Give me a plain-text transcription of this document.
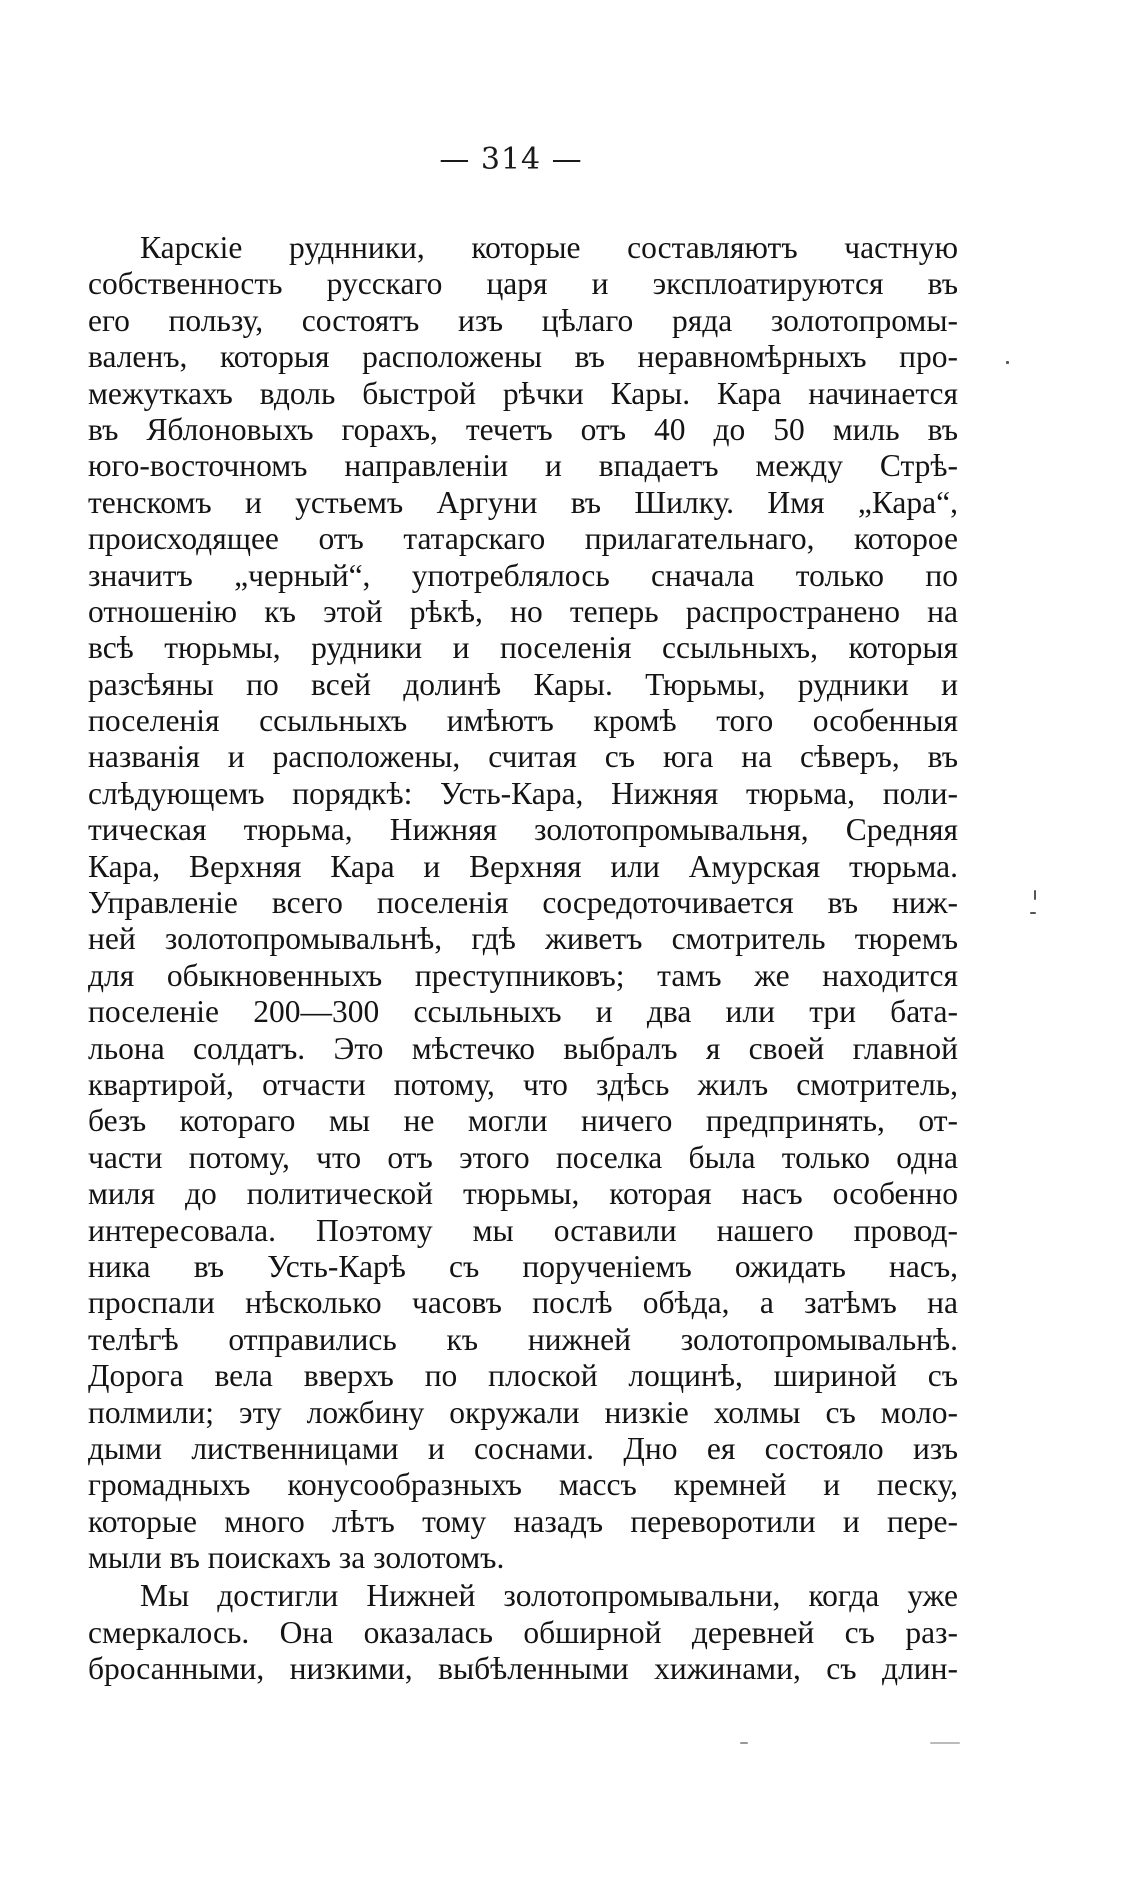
— 314 —
Карскіе руднники, которые составляютъ частную
собственность русскаго царя и эксплоатируются въ
его пользу, состоятъ изъ цѣлаго ряда золотопромы-
валенъ, которыя расположены въ неравномѣрныхъ про-
межуткахъ вдоль быстрой рѣчки Кары. Кара начинается
въ Яблоновыхъ горахъ, течетъ отъ 40 до 50 миль въ
юго-восточномъ направленіи и впадаетъ между Стрѣ-
тенскомъ и устьемъ Аргуни въ Шилку. Имя „Кара“,
происходящее отъ татарскаго прилагательнаго, которое
значитъ „черный“, употреблялось сначала только по
отношенію къ этой рѣкѣ, но теперь распространено на
всѣ тюрьмы, рудники и поселенія ссыльныхъ, которыя
разсѣяны по всей долинѣ Кары. Тюрьмы, рудники и
поселенія ссыльныхъ имѣютъ кромѣ того особенныя
названія и расположены, считая съ юга на сѣверъ, въ
слѣдующемъ порядкѣ: Усть-Кара, Нижняя тюрьма, поли-
тическая тюрьма, Нижняя золотопромывальня, Средняя
Кара, Верхняя Кара и Верхняя или Амурская тюрьма.
Управленіе всего поселенія сосредоточивается въ ниж-
ней золотопромывальнѣ, гдѣ живетъ смотритель тюремъ
для обыкновенныхъ преступниковъ; тамъ же находится
поселеніе 200—300 ссыльныхъ и два или три бата-
льона солдатъ. Это мѣстечко выбралъ я своей главной
квартирой, отчасти потому, что здѣсь жилъ смотритель,
безъ котораго мы не могли ничего предпринять, от-
части потому, что отъ этого поселка была только одна
миля до политической тюрьмы, которая насъ особенно
интересовала. Поэтому мы оставили нашего провод-
ника въ Усть-Карѣ съ порученіемъ ожидать насъ,
проспали нѣсколько часовъ послѣ обѣда, а затѣмъ на
телѣгѣ отправились къ нижней золотопромывальнѣ.
Дорога вела вверхъ по плоской лощинѣ, шириной съ
полмили; эту ложбину окружали низкіе холмы съ моло-
дыми лиственницами и соснами. Дно ея состояло изъ
громадныхъ конусообразныхъ массъ кремней и песку,
которые много лѣтъ тому назадъ переворотили и пере-
мыли въ поискахъ за золотомъ.
Мы достигли Нижней золотопромывальни, когда уже
смеркалось. Она оказалась обширной деревней съ раз-
бросанными, низкими, выбѣленными хижинами, съ длин-
